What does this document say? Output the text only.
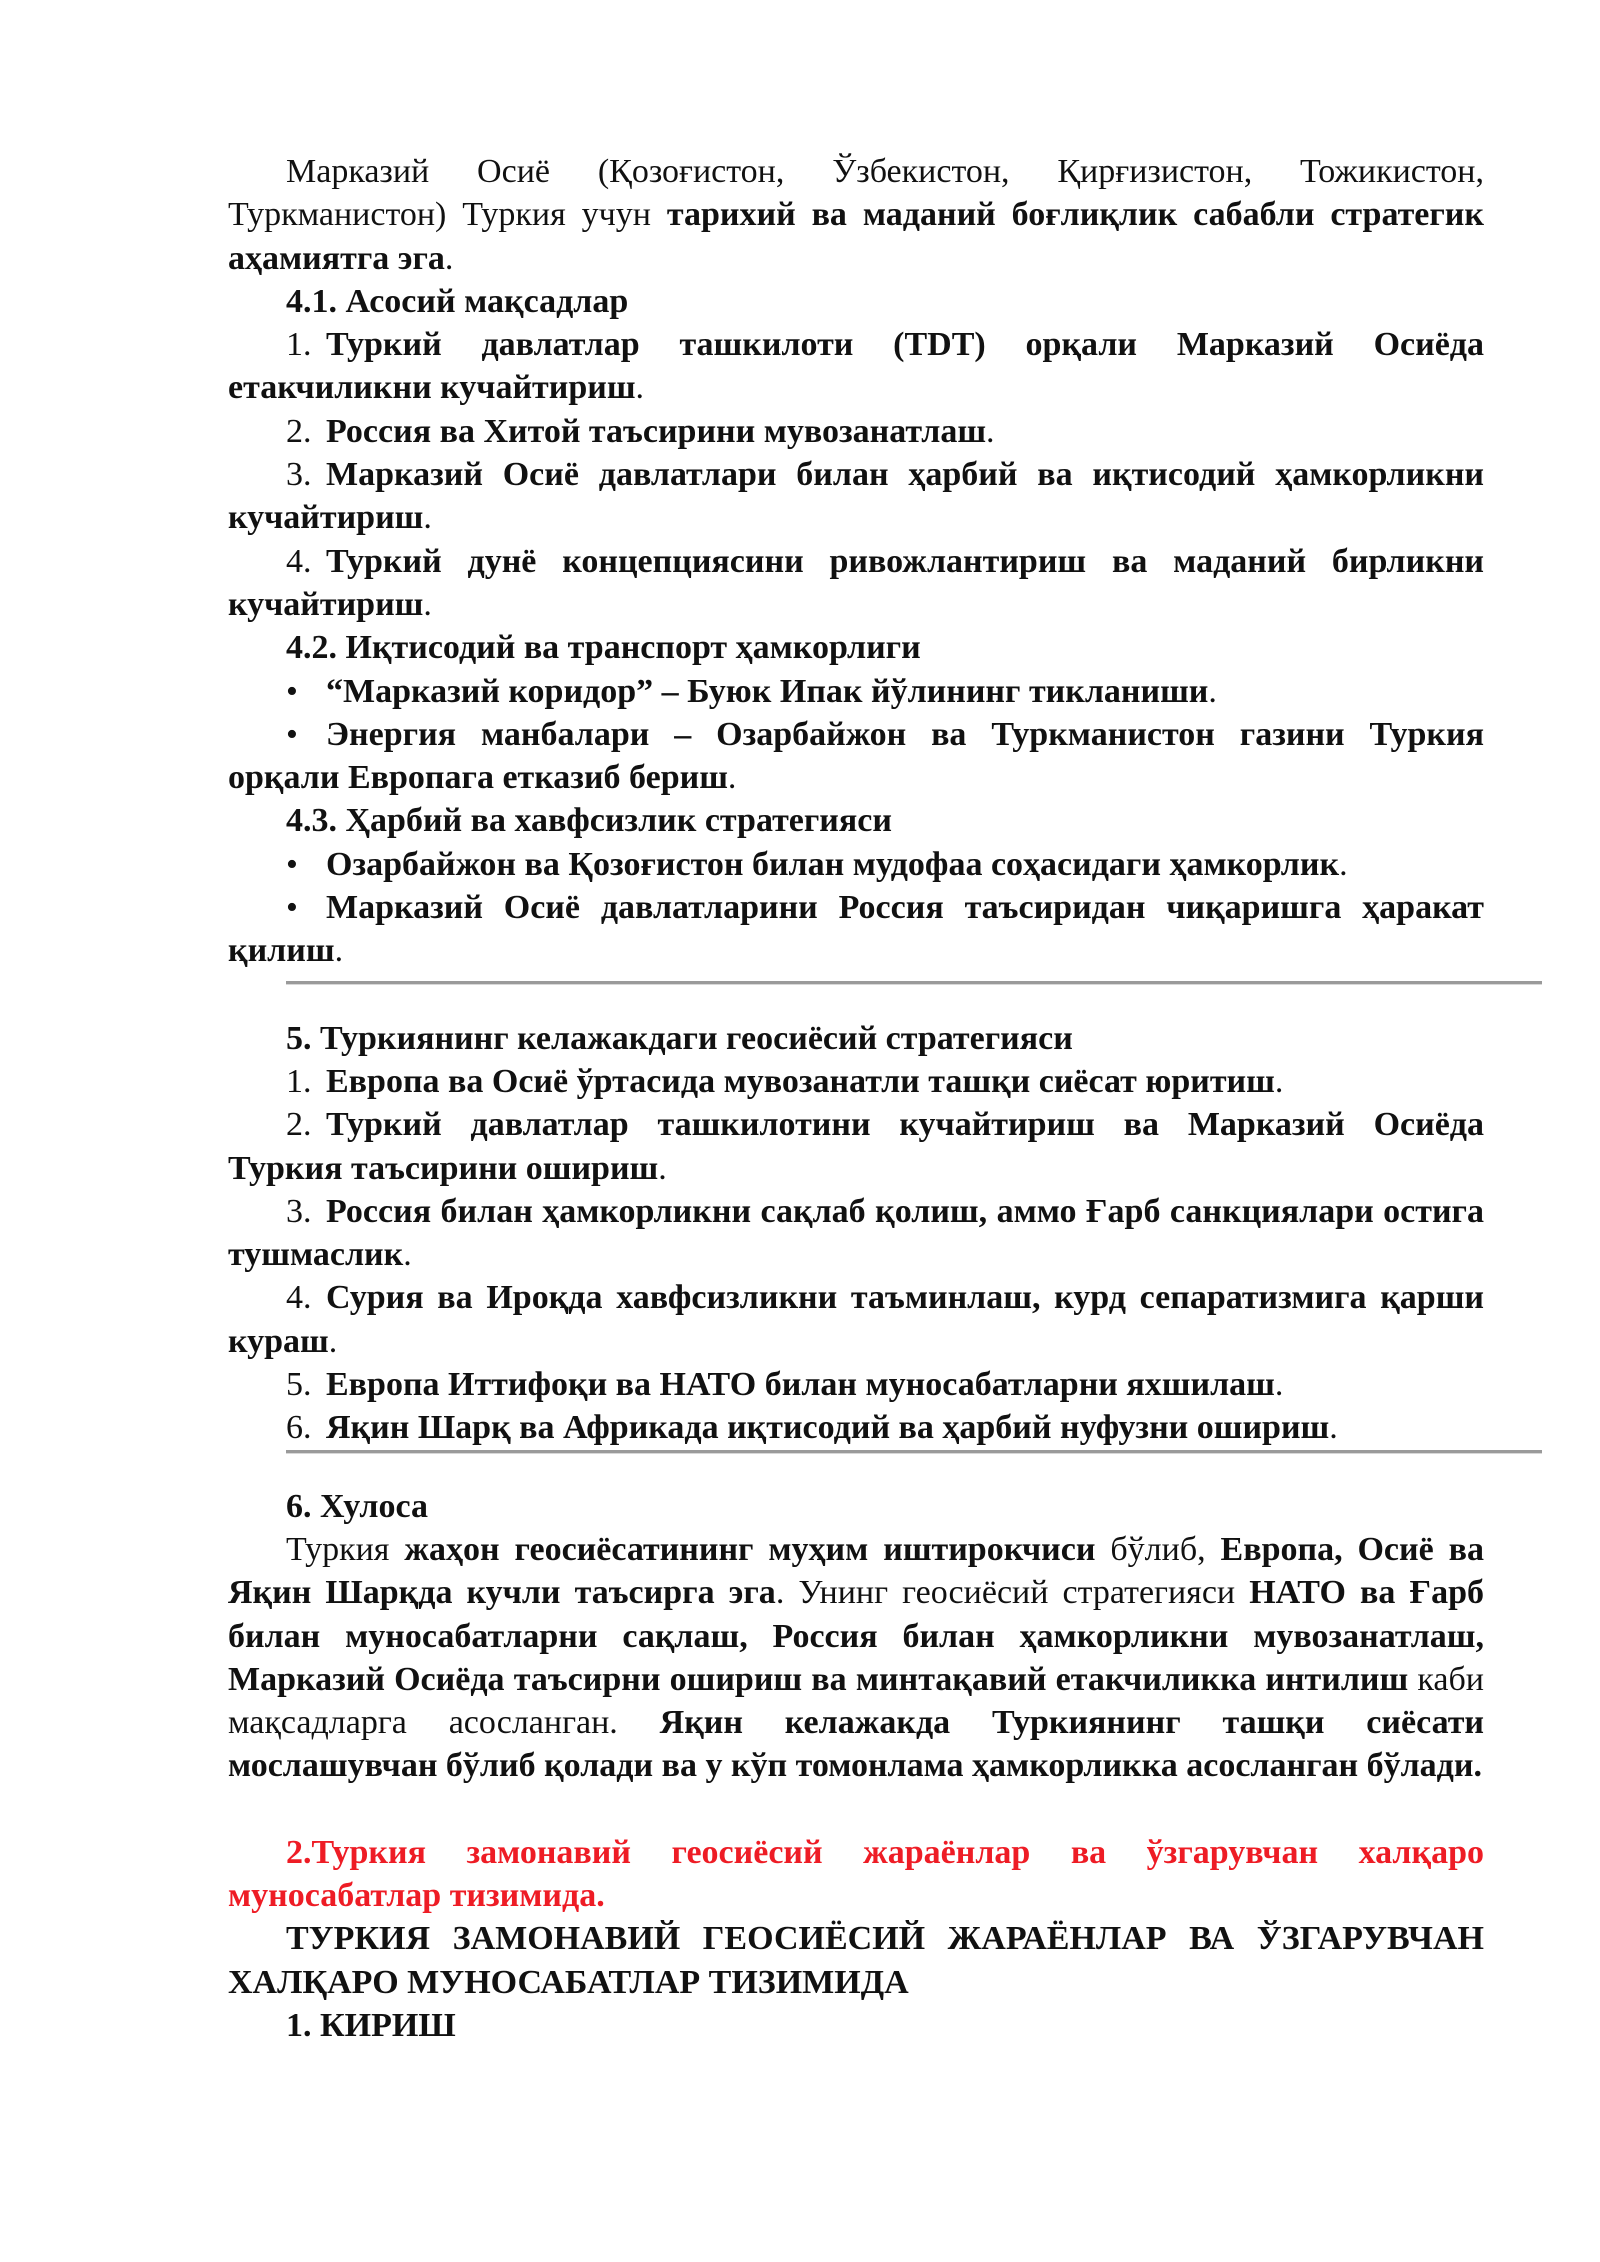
Марказий Осиё (Қозоғистон, Ўзбекистон, Қирғизистон, Тожикистон, Туркманистон) Туркия учун тарихий ва маданий боғлиқлик сабабли стратегик аҳамиятга эга.

4.1. Асосий мақсадлар

1. Туркий давлатлар ташкилоти (TDT) орқали Марказий Осиёда етакчиликни кучайтириш.

2. Россия ва Хитой таъсирини мувозанатлаш.

3. Марказий Осиё давлатлари билан ҳарбий ва иқтисодий ҳамкорликни кучайтириш.

4. Туркий дунё концепциясини ривожлантириш ва маданий бирликни кучайтириш.

4.2. Иқтисодий ва транспорт ҳамкорлиги

• “Марказий коридор” – Буюк Ипак йўлининг тикланиши.

• Энергия манбалари – Озарбайжон ва Туркманистон газини Туркия орқали Европага етказиб бериш.

4.3. Ҳарбий ва хавфсизлик стратегияси

• Озарбайжон ва Қозоғистон билан мудофаа соҳасидаги ҳамкорлик.

• Марказий Осиё давлатларини Россия таъсиридан чиқаришга ҳаракат қилиш.

5. Туркиянинг келажакдаги геосиёсий стратегияси

1. Европа ва Осиё ўртасида мувозанатли ташқи сиёсат юритиш.

2. Туркий давлатлар ташкилотини кучайтириш ва Марказий Осиёда Туркия таъсирини ошириш.

3. Россия билан ҳамкорликни сақлаб қолиш, аммо Ғарб санкциялари остига тушмаслик.

4. Сурия ва Ироқда хавфсизликни таъминлаш, курд сепаратизмига қарши кураш.

5. Европа Иттифоқи ва НАТО билан муносабатларни яхшилаш.

6. Яқин Шарқ ва Африкада иқтисодий ва ҳарбий нуфузни ошириш.

6. Хулоса

Туркия жаҳон геосиёсатининг муҳим иштирокчиси бўлиб, Европа, Осиё ва Яқин Шарқда кучли таъсирга эга. Унинг геосиёсий стратегияси НАТО ва Ғарб билан муносабатларни сақлаш, Россия билан ҳамкорликни мувозанатлаш, Марказий Осиёда таъсирни ошириш ва минтақавий етакчиликка интилиш каби мақсадларга асосланган. Яқин келажакда Туркиянинг ташқи сиёсати мослашувчан бўлиб қолади ва у кўп томонлама ҳамкорликка асосланган бўлади.

2.Туркия замонавий геосиёсий жараёнлар ва ўзгарувчан халқаро муносабатлар тизимида.

ТУРКИЯ ЗАМОНАВИЙ ГЕОСИЁСИЙ ЖАРАЁНЛАР ВА ЎЗГАРУВЧАН ХАЛҚАРО МУНОСАБАТЛАР ТИЗИМИДА

1. КИРИШ
